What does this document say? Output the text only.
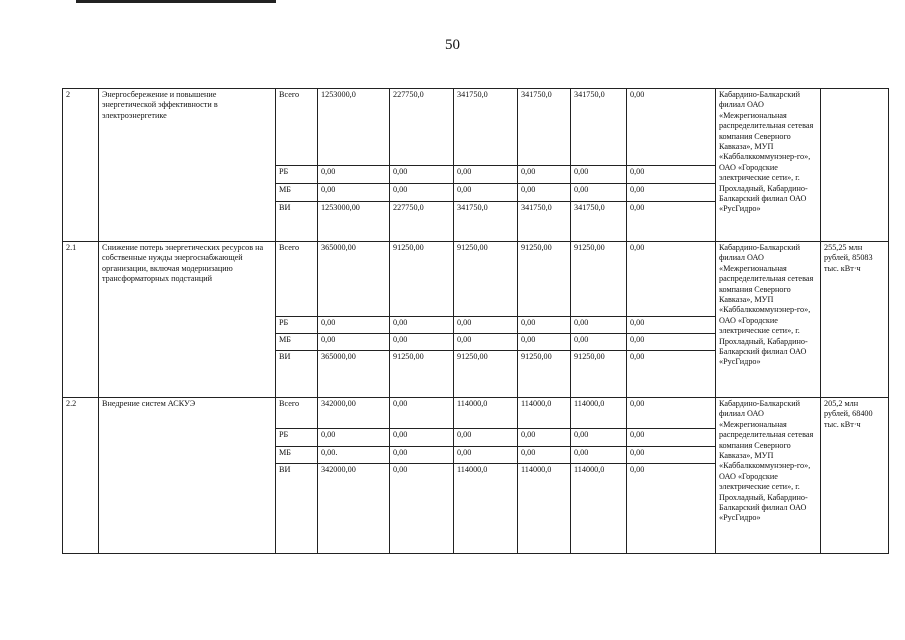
50
2	Энергосбережение и повышение энергетической эффективности в электроэнергетике	Всего	1253000,0	227750,0	341750,0	341750,0	341750,0	0,00	Кабардино-Балкарский филиал ОАО «Межрегиональная распределительная сетевая компания Северного Кавказа», МУП «Каббалккоммунэнер-го», ОАО «Городские электрические сети», г. Прохладный, Кабардино-Балкарский филиал ОАО «РусГидро»	
		РБ	0,00	0,00	0,00	0,00	0,00	0,00		
		МБ	0,00	0,00	0,00	0,00	0,00	0,00		
		ВИ	1253000,00	227750,0	341750,0	341750,0	341750,0	0,00		
2.1	Снижение потерь энергетических ресурсов на собственные нужды энергоснабжающей организации, включая модернизацию трансформаторных подстанций	Всего	365000,00	91250,00	91250,00	91250,00	91250,00	0,00	Кабардино-Балкарский филиал ОАО «Межрегиональная распределительная сетевая компания Северного Кавказа», МУП «Каббалккоммунэнер-го», ОАО «Городские электрические сети», г. Прохладный, Кабардино-Балкарский филиал ОАО «РусГидро»	255,25 млн рублей, 85083 тыс. кВт·ч
		РБ	0,00	0,00	0,00	0,00	0,00	0,00		
		МБ	0,00	0,00	0,00	0,00	0,00	0,00		
		ВИ	365000,00	91250,00	91250,00	91250,00	91250,00	0,00		
2.2	Внедрение систем АСКУЭ	Всего	342000,00	0,00	114000,0	114000,0	114000,0	0,00	Кабардино-Балкарский филиал ОАО «Межрегиональная распределительная сетевая компания Северного Кавказа», МУП «Каббалккоммунэнер-го», ОАО «Городские электрические сети», г. Прохладный, Кабардино-Балкарский филиал ОАО «РусГидро»	205,2 млн рублей, 68400 тыс. кВт·ч
		РБ	0,00	0,00	0,00	0,00	0,00	0,00		
		МБ	0,00.	0,00	0,00	0,00	0,00	0,00		
		ВИ	342000,00	0,00	114000,0	114000,0	114000,0	0,00		
